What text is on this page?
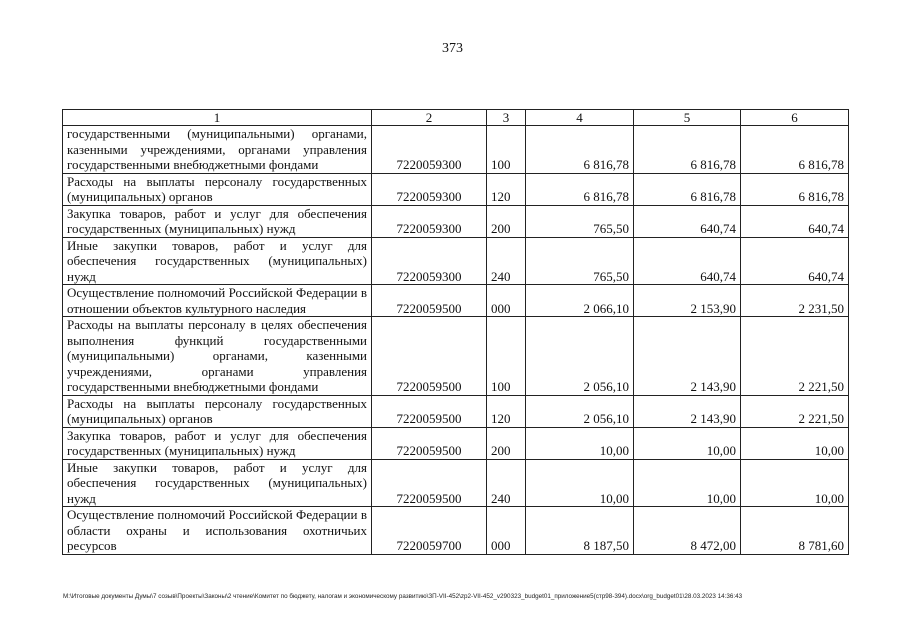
373
1	2	3	4	5	6
государственными (муниципальными) органами, казенными учреждениями, органами управления государственными внебюджетными фондами	7220059300	100	6 816,78	6 816,78	6 816,78
Расходы на выплаты персоналу государственных (муниципальных) органов	7220059300	120	6 816,78	6 816,78	6 816,78
Закупка товаров, работ и услуг для обеспечения государственных (муниципальных) нужд	7220059300	200	765,50	640,74	640,74
Иные закупки товаров, работ и услуг для обеспечения государственных (муниципальных) нужд	7220059300	240	765,50	640,74	640,74
Осуществление полномочий Российской Федерации в отношении объектов культурного наследия	7220059500	000	2 066,10	2 153,90	2 231,50
Расходы на выплаты персоналу в целях обеспечения выполнения функций государственными (муниципальными) органами, казенными учреждениями, органами управления государственными внебюджетными фондами	7220059500	100	2 056,10	2 143,90	2 221,50
Расходы на выплаты персоналу государственных (муниципальных) органов	7220059500	120	2 056,10	2 143,90	2 221,50
Закупка товаров, работ и услуг для обеспечения государственных (муниципальных) нужд	7220059500	200	10,00	10,00	10,00
Иные закупки товаров, работ и услуг для обеспечения государственных (муниципальных) нужд	7220059500	240	10,00	10,00	10,00
Осуществление полномочий Российской Федерации в области охраны и использования охотничьих ресурсов	7220059700	000	8 187,50	8 472,00	8 781,60
M:\Итоговые документы Думы\7 созыв\Проекты\Законы\2 чтение\Комитет по бюджету, налогам и экономическому развитию\ЗП-VII-452\zp2-VII-452_v290323_budget01_приложение5(стр98-394).docx\org_budget01\28.03.2023 14:36:43
